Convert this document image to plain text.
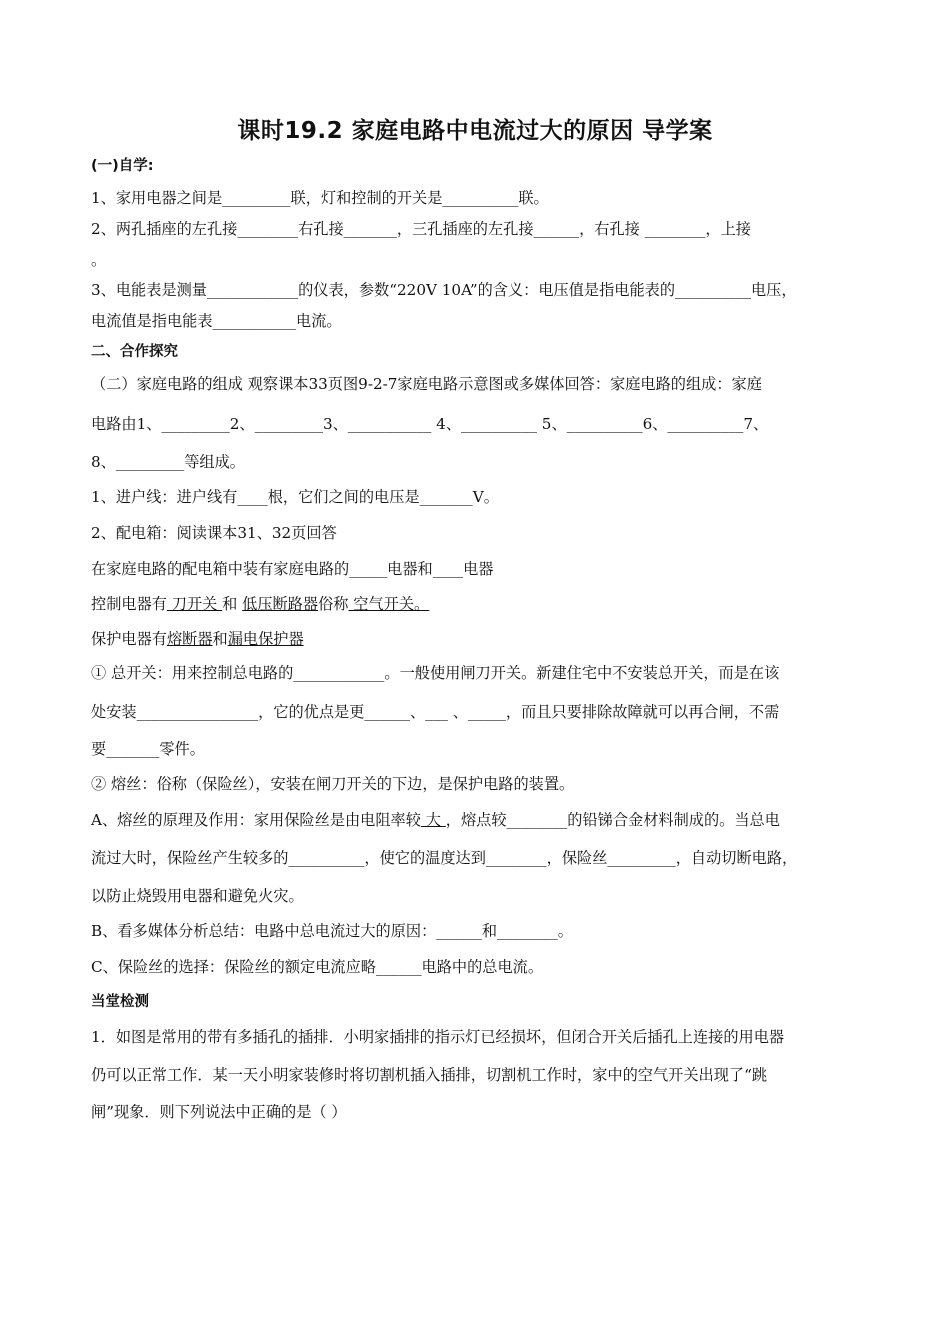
课时19.2 家庭电路中电流过大的原因 导学案
(一)自学:
1、家用电器之间是_________联，灯和控制的开关是__________联。
2、两孔插座的左孔接________右孔接_______，三孔插座的左孔接______，右孔接 ________，上接
。
3、电能表是测量____________的仪表，参数“220V 10A”的含义：电压值是指电能表的__________电压，
电流值是指电能表___________电流。
二、合作探究
（二）家庭电路的组成 观察课本33页图9-2-7家庭电路示意图或多媒体回答：家庭电路的组成：家庭
电路由1、_________2、_________3、___________ 4、__________ 5、__________6、__________7、
8、_________等组成。
1、进户线：进户线有____根，它们之间的电压是_______V。
2、配电箱：阅读课本31、32页回答
在家庭电路的配电箱中装有家庭电路的_____电器和____电器
控制电器有 刀开关 和 低压断路器俗称 空气开关。
保护电器有熔断器和漏电保护器
① 总开关：用来控制总电路的____________。一般使用闸刀开关。新建住宅中不安装总开关，而是在该
处安装________________，它的优点是更______、___ 、_____，而且只要排除故障就可以再合闸，不需
要_______零件。
② 熔丝：俗称（保险丝），安装在闸刀开关的下边，是保护电路的装置。
A、熔丝的原理及作用：家用保险丝是由电阻率较 大 ，熔点较________的铅锑合金材料制成的。当总电
流过大时，保险丝产生较多的__________，使它的温度达到________，保险丝_________，自动切断电路，
以防止烧毁用电器和避免火灾。
B、看多媒体分析总结：电路中总电流过大的原因：______和________。
C、保险丝的选择：保险丝的额定电流应略______电路中的总电流。
当堂检测
1．如图是常用的带有多插孔的插排．小明家插排的指示灯已经损坏，但闭合开关后插孔上连接的用电器
仍可以正常工作．某一天小明家装修时将切割机插入插排，切割机工作时，家中的空气开关出现了“跳
闸”现象．则下列说法中正确的是（ ）
